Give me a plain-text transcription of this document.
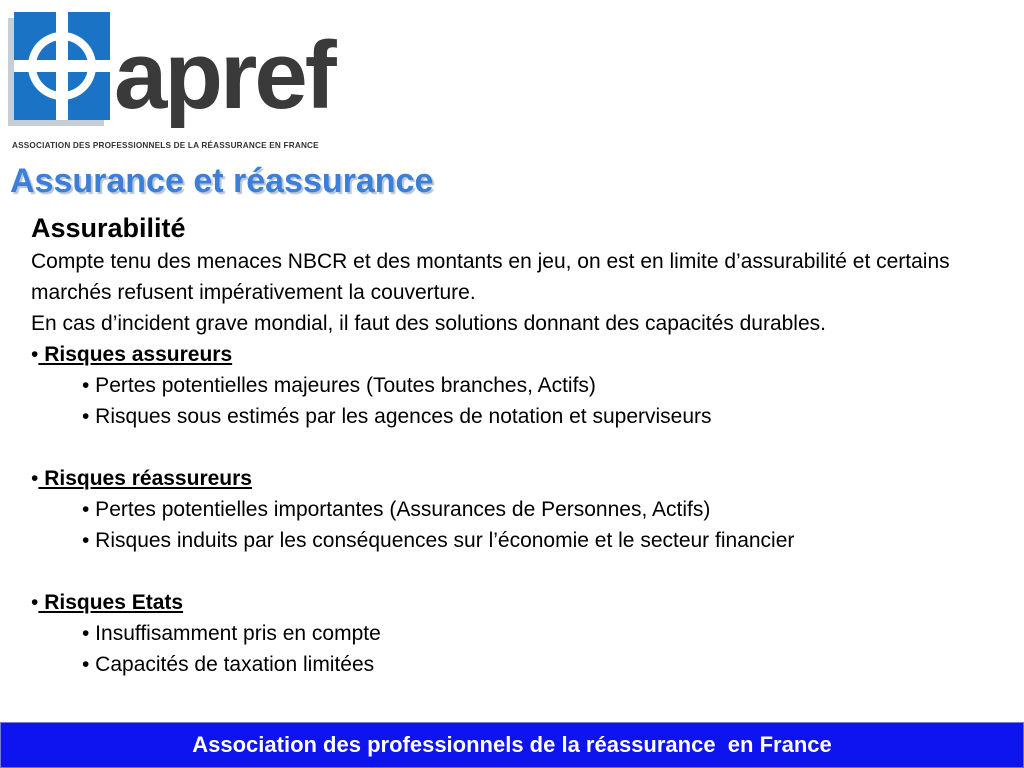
apref
ASSOCIATION DES PROFESSIONNELS DE LA RÉASSURANCE EN FRANCE
Assurance et réassurance

Assurabilité

Compte tenu des menaces NBCR et des montants en jeu, on est en limite d’assurabilité et certains marchés refusent impérativement la couverture.

En cas d’incident grave mondial, il faut des solutions donnant des capacités durables.

• Risques assureurs

• Pertes potentielles majeures (Toutes branches, Actifs)

• Risques sous estimés par les agences de notation et superviseurs

• Risques réassureurs

• Pertes potentielles importantes (Assurances de Personnes, Actifs)

• Risques induits par les conséquences sur l’économie et le secteur financier

• Risques Etats

• Insuffisamment pris en compte

• Capacités de taxation limitées

Association des professionnels de la réassurance  en France
